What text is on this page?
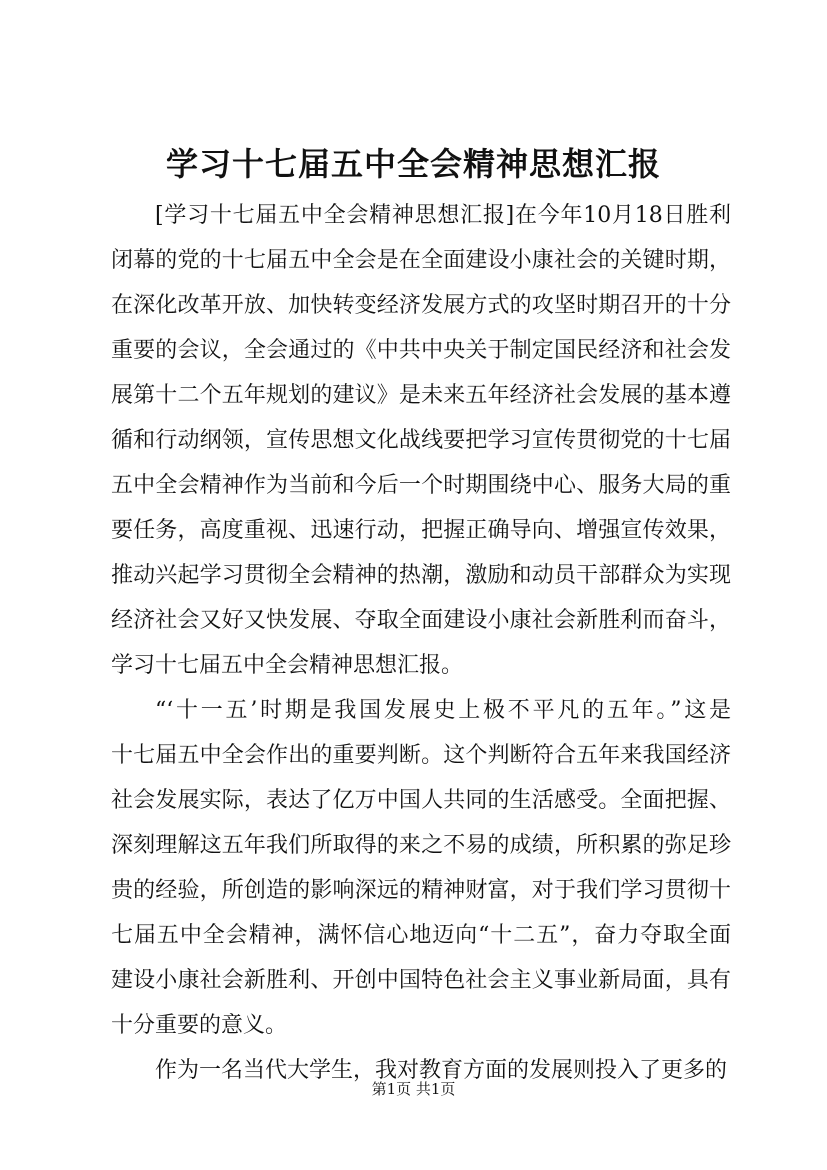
学习十七届五中全会精神思想汇报
[学习十七届五中全会精神思想汇报]在今年10月18日胜利
闭幕的党的十七届五中全会是在全面建设小康社会的关键时期，
在深化改革开放、加快转变经济发展方式的攻坚时期召开的十分
重要的会议，全会通过的《中共中央关于制定国民经济和社会发
展第十二个五年规划的建议》是未来五年经济社会发展的基本遵
循和行动纲领，宣传思想文化战线要把学习宣传贯彻党的十七届
五中全会精神作为当前和今后一个时期围绕中心、服务大局的重
要任务，高度重视、迅速行动，把握正确导向、增强宣传效果，
推动兴起学习贯彻全会精神的热潮，激励和动员干部群众为实现
经济社会又好又快发展、夺取全面建设小康社会新胜利而奋斗，
学习十七届五中全会精神思想汇报。
“‘十一五’时期是我国发展史上极不平凡的五年。”这是
十七届五中全会作出的重要判断。这个判断符合五年来我国经济
社会发展实际，表达了亿万中国人共同的生活感受。全面把握、
深刻理解这五年我们所取得的来之不易的成绩，所积累的弥足珍
贵的经验，所创造的影响深远的精神财富，对于我们学习贯彻十
七届五中全会精神，满怀信心地迈向“十二五”，奋力夺取全面
建设小康社会新胜利、开创中国特色社会主义事业新局面，具有
十分重要的意义。
作为一名当代大学生，我对教育方面的发展则投入了更多的
第1页 共1页
